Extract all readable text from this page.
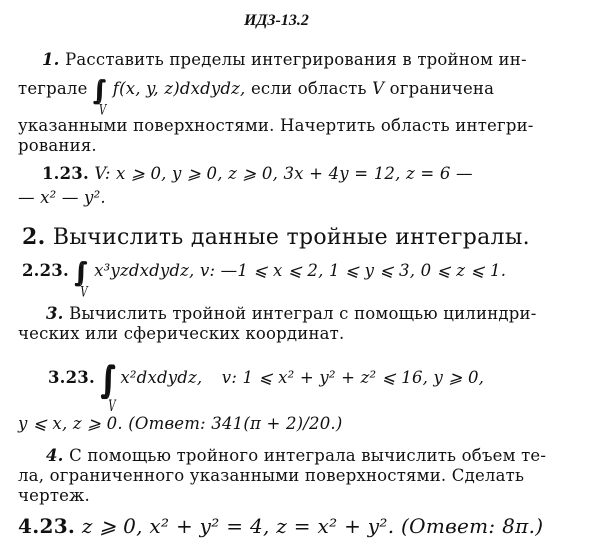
ИДЗ-13.2
1. Расставить пределы интегрирования в тройном ин-
теграле ∫∫∫
V
f(x, y, z)dxdydz, если область V ограничена
указанными поверхностями. Начертить область интегри-
рования.
1.23. V: x ⩾ 0, y ⩾ 0, z ⩾ 0, 3x + 4y = 12, z = 6 —
— x² — y².
2. Вычислить данные тройные интегралы.
2.23. ∫∫∫
V
x³yzdxdydz, v: —1 ⩽ x ⩽ 2, 1 ⩽ y ⩽ 3, 0 ⩽ z ⩽ 1.
3. Вычислить тройной интеграл с помощью цилиндри-
ческих или сферических координат.
3.23. ∫∫∫
V
x²dxdydz, v: 1 ⩽ x² + y² + z² ⩽ 16, y ⩾ 0,
y ⩽ x, z ⩾ 0. (Ответ: 341(π + 2)/20.)
4. С помощью тройного интеграла вычислить объем те-
ла, ограниченного указанными поверхностями. Сделать
чертеж.
4.23. z ⩾ 0, x² + y² = 4, z = x² + y². (Ответ: 8π.)
